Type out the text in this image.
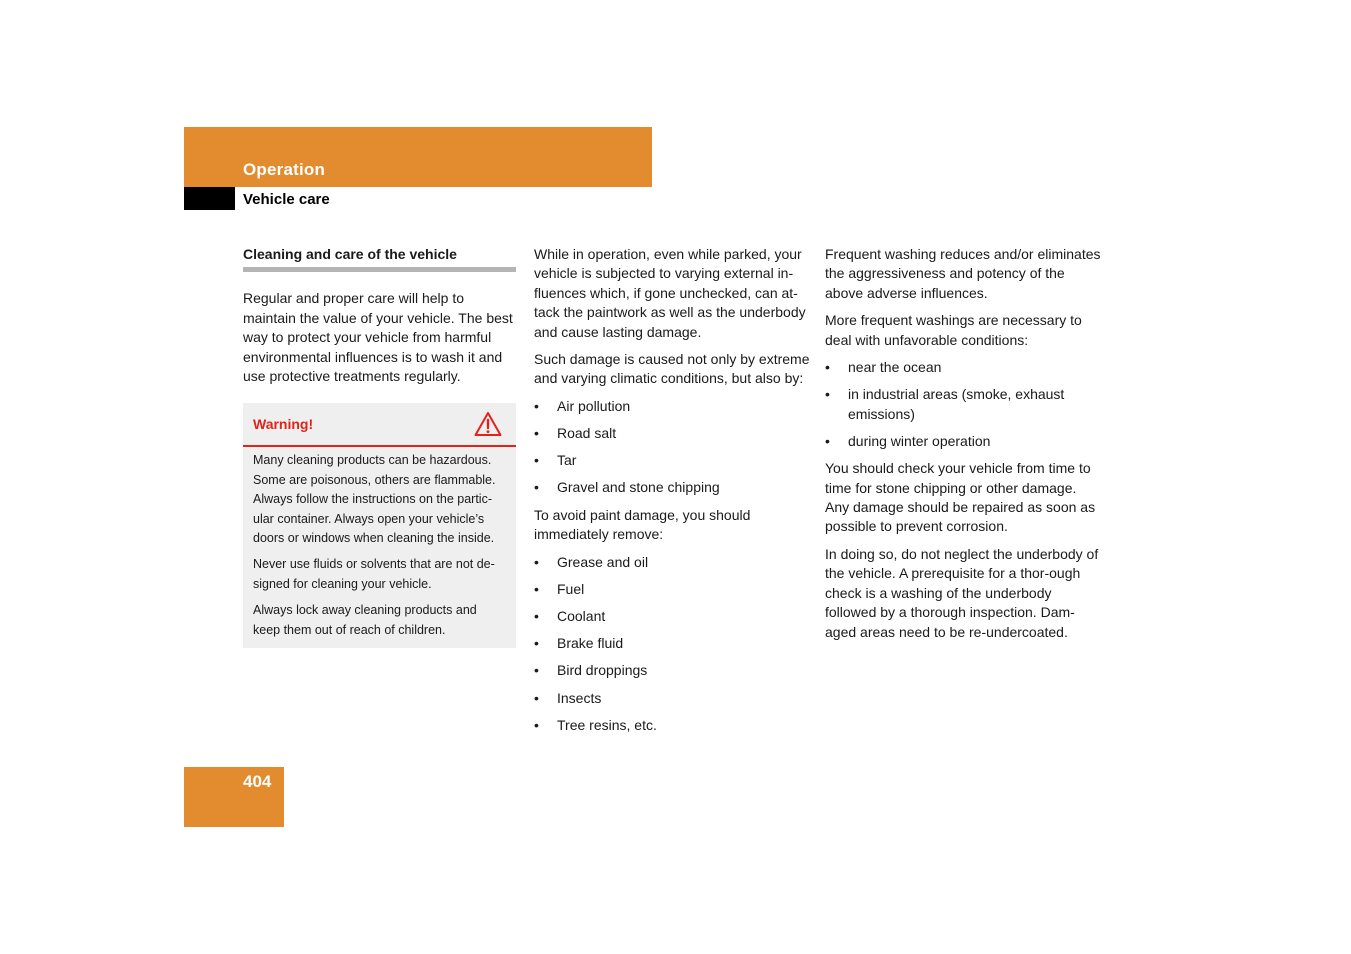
Operation
Vehicle care
Cleaning and care of the vehicle

Regular and proper care will help to maintain the value of your vehicle. The best way to protect your vehicle from harmful environmental influences is to wash it and use protective treatments regularly.

Warning!

Many cleaning products can be hazardous. Some are poisonous, others are flammable. Always follow the instructions on the partic-ular container. Always open your vehicle’s doors or windows when cleaning the inside.

Never use fluids or solvents that are not de-signed for cleaning your vehicle.

Always lock away cleaning products and keep them out of reach of children.

While in operation, even while parked, your vehicle is subjected to varying external in-fluences which, if gone unchecked, can at-tack the paintwork as well as the underbody and cause lasting damage.

Such damage is caused not only by extreme and varying climatic conditions, but also by:

• Air pollution
• Road salt
• Tar
• Gravel and stone chipping

To avoid paint damage, you should immediately remove:

• Grease and oil
• Fuel
• Coolant
• Brake fluid
• Bird droppings
• Insects
• Tree resins, etc.

Frequent washing reduces and/or eliminates the aggressiveness and potency of the above adverse influences.

More frequent washings are necessary to deal with unfavorable conditions:

• near the ocean
• in industrial areas (smoke, exhaust emissions)
• during winter operation

You should check your vehicle from time to time for stone chipping or other damage. Any damage should be repaired as soon as possible to prevent corrosion.

In doing so, do not neglect the underbody of the vehicle. A prerequisite for a thor-ough check is a washing of the underbody followed by a thorough inspection. Dam-aged areas need to be re-undercoated.

404
